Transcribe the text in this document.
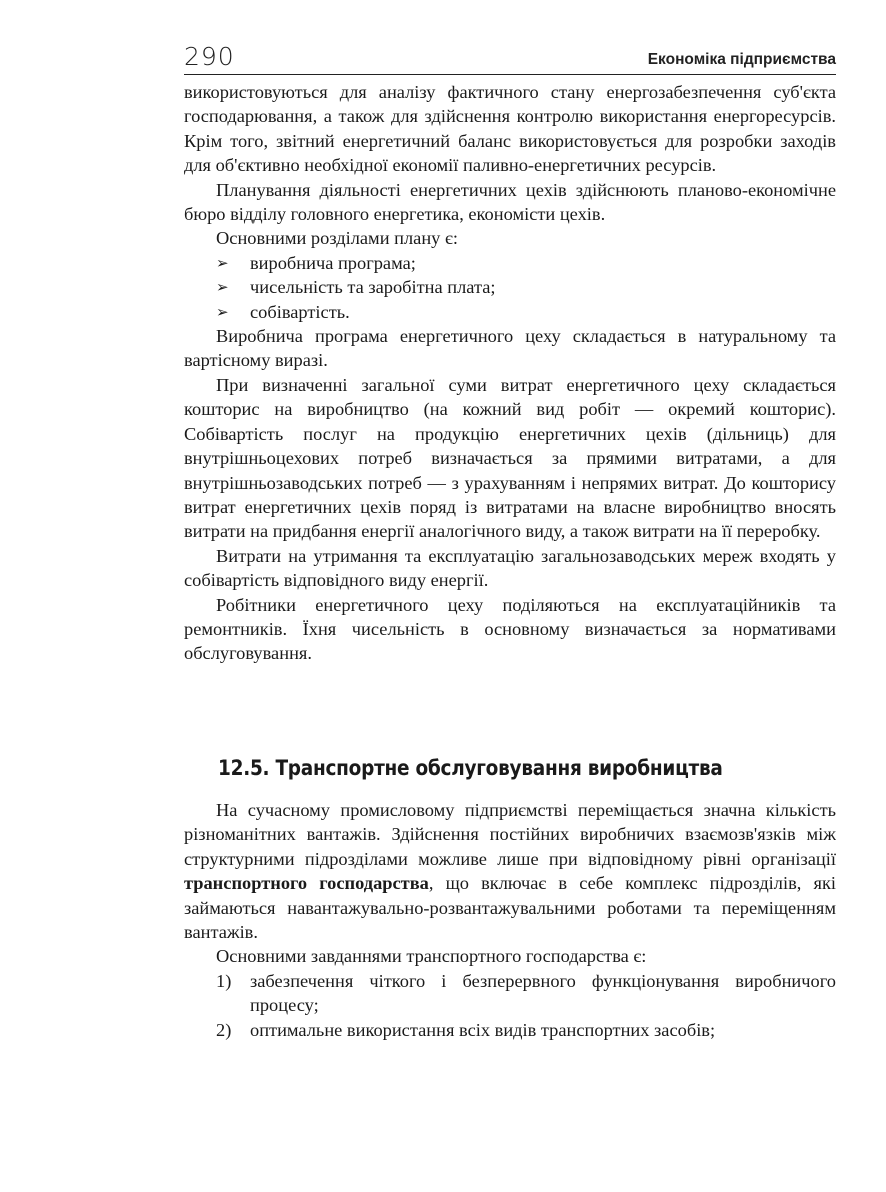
290	Економіка підприємства

використовуються для аналізу фактичного стану енергозабезпечення суб'єкта господарювання, а також для здійснення контролю використання енергоресурсів. Крім того, звітний енергетичний баланс використовується для розробки заходів для об'єктивно необхідної економії паливно-енергетичних ресурсів.

Планування діяльності енергетичних цехів здійснюють планово-економічне бюро відділу головного енергетика, економісти цехів.

Основними розділами плану є:

➢ виробнича програма;
➢ чисельність та заробітна плата;
➢ собівартість.

Виробнича програма енергетичного цеху складається в натуральному та вартісному виразі.

При визначенні загальної суми витрат енергетичного цеху складається кошторис на виробництво (на кожний вид робіт — окремий кошторис). Собівартість послуг на продукцію енергетичних цехів (дільниць) для внутрішньоцехових потреб визначається за прямими витратами, а для внутрішньозаводських потреб — з урахуванням і непрямих витрат. До кошторису витрат енергетичних цехів поряд із витратами на власне виробництво вносять витрати на придбання енергії аналогічного виду, а також витрати на її переробку.

Витрати на утримання та експлуатацію загальнозаводських мереж входять у собівартість відповідного виду енергії.

Робітники енергетичного цеху поділяються на експлуатаційників та ремонтників. Їхня чисельність в основному визначається за нормативами обслуговування.

12.5. Транспортне обслуговування виробництва

На сучасному промисловому підприємстві переміщається значна кількість різноманітних вантажів. Здійснення постійних виробничих взаємозв'язків між структурними підрозділами можливе лише при відповідному рівні організації транспортного господарства, що включає в себе комплекс підрозділів, які займаються навантажувально-розвантажувальними роботами та переміщенням вантажів.

Основними завданнями транспортного господарства є:

1) забезпечення чіткого і безперервного функціонування виробничого процесу;
2) оптимальне використання всіх видів транспортних засобів;
